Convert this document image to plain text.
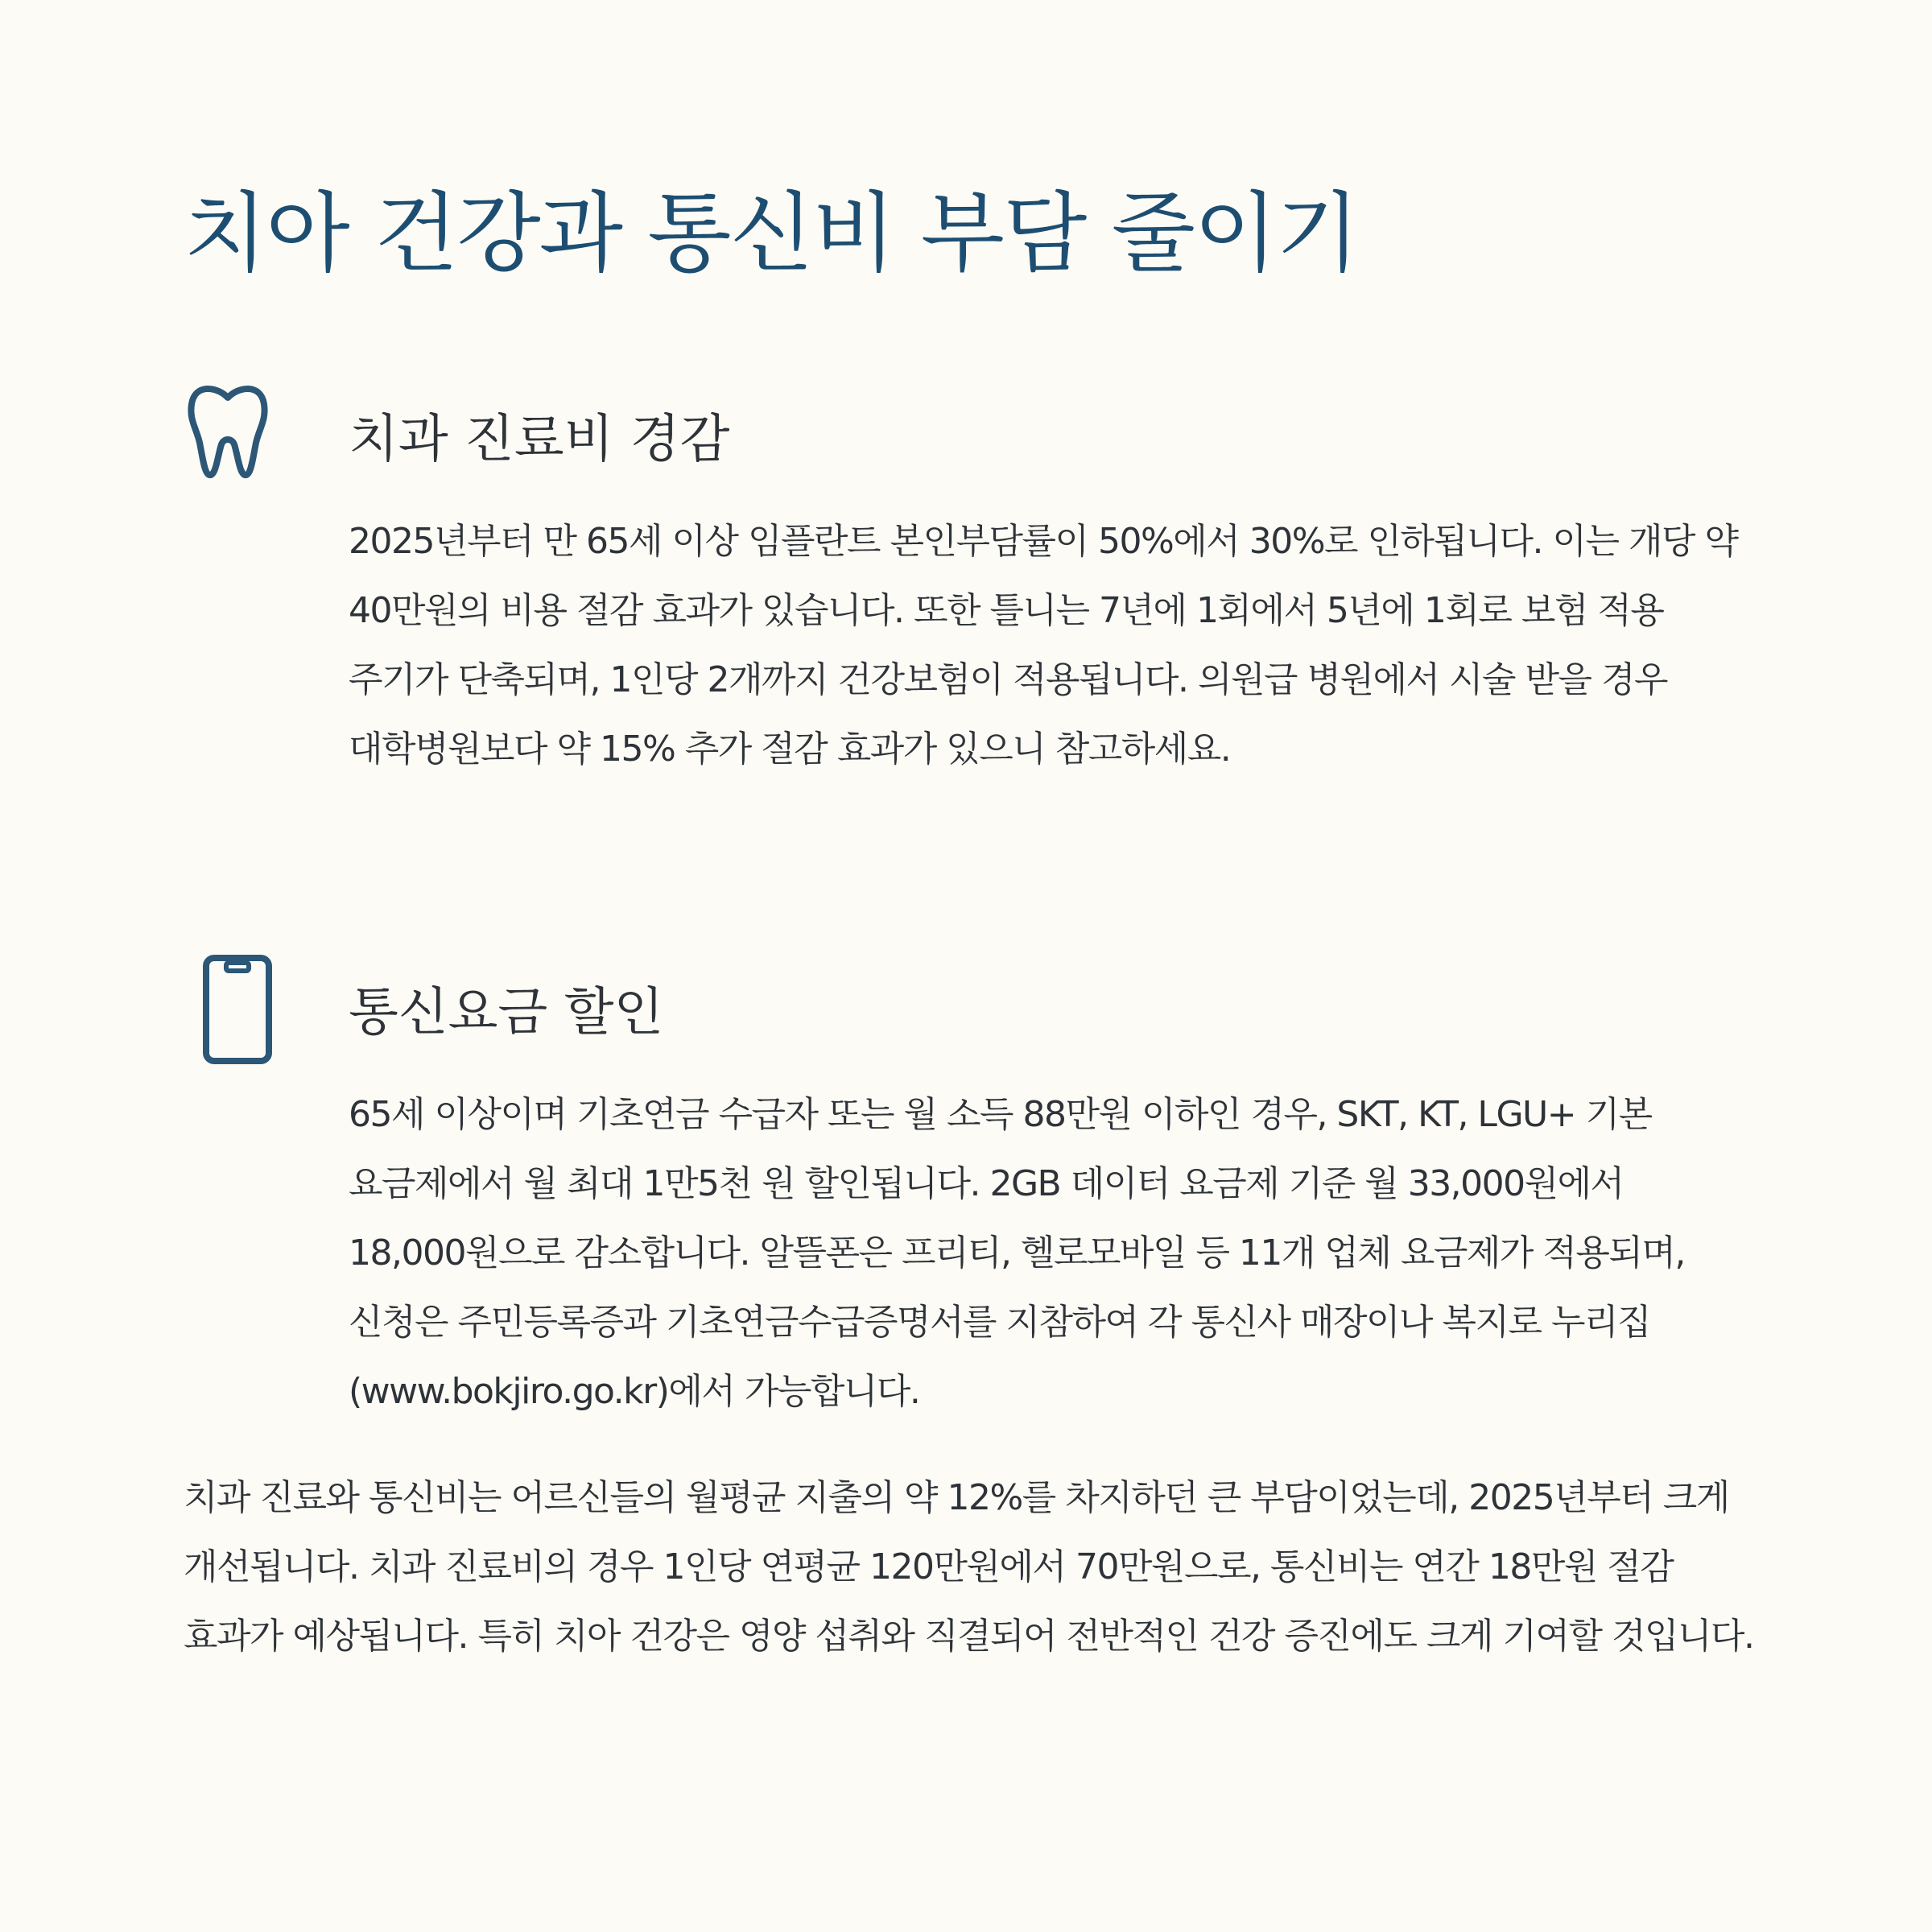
치아 건강과 통신비 부담 줄이기
치과 진료비 경감

2025년부터 만 65세 이상 임플란트 본인부담률이 50%에서 30%로 인하됩니다. 이는 개당 약 40만원의 비용 절감 효과가 있습니다. 또한 틀니는 7년에 1회에서 5년에 1회로 보험 적용 주기가 단축되며, 1인당 2개까지 건강보험이 적용됩니다. 의원급 병원에서 시술 받을 경우 대학병원보다 약 15% 추가 절감 효과가 있으니 참고하세요.

통신요금 할인

65세 이상이며 기초연금 수급자 또는 월 소득 88만원 이하인 경우, SKT, KT, LGU+ 기본 요금제에서 월 최대 1만5천 원 할인됩니다. 2GB 데이터 요금제 기준 월 33,000원에서 18,000원으로 감소합니다. 알뜰폰은 프리티, 헬로모바일 등 11개 업체 요금제가 적용되며, 신청은 주민등록증과 기초연금수급증명서를 지참하여 각 통신사 매장이나 복지로 누리집(www.bokjiro.go.kr)에서 가능합니다.

치과 진료와 통신비는 어르신들의 월평균 지출의 약 12%를 차지하던 큰 부담이었는데, 2025년부터 크게 개선됩니다. 치과 진료비의 경우 1인당 연평균 120만원에서 70만원으로, 통신비는 연간 18만원 절감 효과가 예상됩니다. 특히 치아 건강은 영양 섭취와 직결되어 전반적인 건강 증진에도 크게 기여할 것입니다.
